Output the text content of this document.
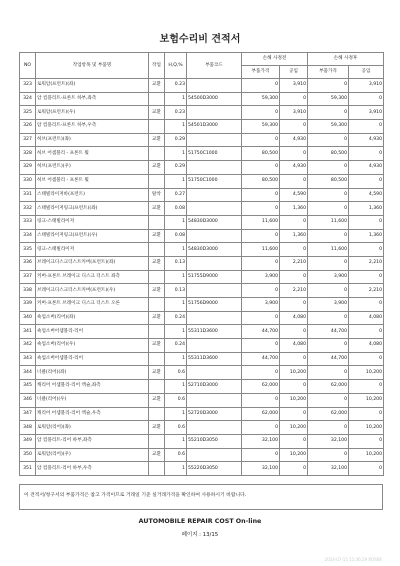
보험수리비 견적서
NO	작업항목 및 부품명	작업	H,Q,%	부품코드	손해 사정전		손해 사정후	
					부품가격	공임	부품가격	공임
323	로워암(프런트)(좌)	교환	0.23		0	3,910	0	3,910
324	암 컴플리트-프론트 하부,좌측		1	54500D3000	59,300	0	59,300	0
325	로워암(프런트)(우)	교환	0.23		0	3,910	0	3,910
326	암 컴플리트-프론트 하부,우측		1	54501D3000	59,300	0	59,300	0
327	허브(프런트)(좌)	교환	0.29		0	4,930	0	4,930
328	허브 어셈블리 - 프론트 휠		1	51750C1000	80,500	0	80,500	0
329	허브(프런트)(우)	교환	0.29		0	4,930	0	4,930
330	허브 어셈블리 - 프론트 휠		1	51750C1000	80,500	0	80,500	0
331	스태빌라이저바(프런트)	탈착	0.27		0	4,590	0	4,590
332	스태빌라이저링크(프런트)(좌)	교환	0.08		0	1,360	0	1,360
333	링크-스태빌라이저		1	54830D3000	11,600	0	11,600	0
334	스태빌라이저링크(프런트)(우)	교환	0.08		0	1,360	0	1,360
335	링크-스태빌라이저		1	54830D3000	11,600	0	11,600	0
336	브레이크디스크더스트커버(프런트)(좌)	교환	0.13		0	2,210	0	2,210
337	커버-프론트 브레이크 디스크 더스트 좌측		1	51755D9000	3,900	0	3,900	0
338	브레이크디스크더스트커버(프런트)(우)	교환	0.13		0	2,210	0	2,210
339	커버-프론트 브레이크 디스크 더스트 오른		1	51756D9000	3,900	0	3,900	0
340	쇽업소버(리어)(좌)	교환	0.24		0	4,080	0	4,080
341	쇽업소버어셈블리-리어		1	55311D3600	44,700	0	44,700	0
342	쇽업소버(리어)(우)	교환	0.24		0	4,080	0	4,080
343	쇽업소버어셈블리-리어		1	55311D3600	44,700	0	44,700	0
344	너클(리어)(좌)	교환	0.6		0	10,200	0	10,200
345	캐리어 어셈블리-리어 액슬,좌측		1	52710D3000	62,000	0	62,000	0
346	너클(리어)(우)	교환	0.6		0	10,200	0	10,200
347	캐리어 어셈블리-리어 액슬,우측		1	52720D3000	62,000	0	62,000	0
348	로워암(리어)(좌)	교환	0.6		0	10,200	0	10,200
349	암 컴플리트-리어 하부,좌측		1	55210D3050	32,100	0	32,100	0
350	로워암(리어)(우)	교환	0.6		0	10,200	0	10,200
351	암 컴플리트-리어 하부,우측		1	55220D3050	32,100	0	32,100	0
이 견적서/청구서의 부품가격은 참고 가격이므로 거래일 기준 실거래가격을 확인하여 사용하시기 바랍니다.
AUTOMOBILE REPAIR COST On-line
페이지 : 13/15
2024-07-15 11:36:29 ROSEK
